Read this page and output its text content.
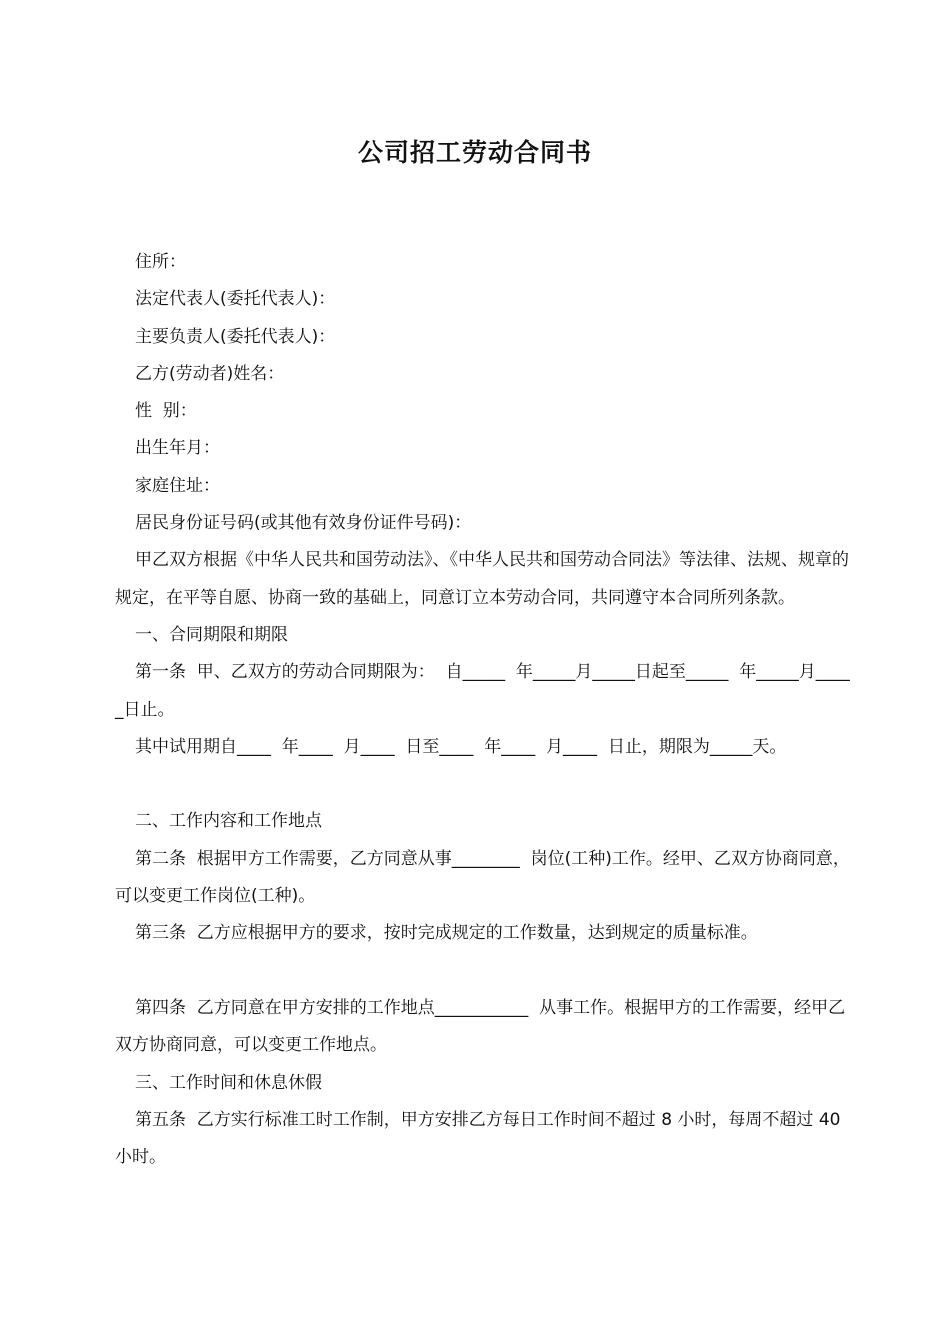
公司招工劳动合同书

住所：

法定代表人(委托代表人)：

主要负责人(委托代表人)：

乙方(劳动者)姓名：

性  别：

出生年月：

家庭住址：

居民身份证号码(或其他有效身份证件号码)：

甲乙双方根据《中华人民共和国劳动法》、《中华人民共和国劳动合同法》等法律、法规、规章的规定，在平等自愿、协商一致的基础上，同意订立本劳动合同，共同遵守本合同所列条款。

一、合同期限和期限

第一条  甲、乙双方的劳动合同期限为：  自_____  年_____月_____日起至_____  年_____月_____日止。

其中试用期自____  年____  月____  日至____  年____  月____  日止，期限为_____天。

二、工作内容和工作地点

第二条  根据甲方工作需要，乙方同意从事________  岗位(工种)工作。经甲、乙双方协商同意，可以变更工作岗位(工种)。

第三条  乙方应根据甲方的要求，按时完成规定的工作数量，达到规定的质量标准。

第四条  乙方同意在甲方安排的工作地点___________  从事工作。根据甲方的工作需要，经甲乙双方协商同意，可以变更工作地点。

三、工作时间和休息休假

第五条  乙方实行标准工时工作制，甲方安排乙方每日工作时间不超过 8 小时，每周不超过 40 小时。
